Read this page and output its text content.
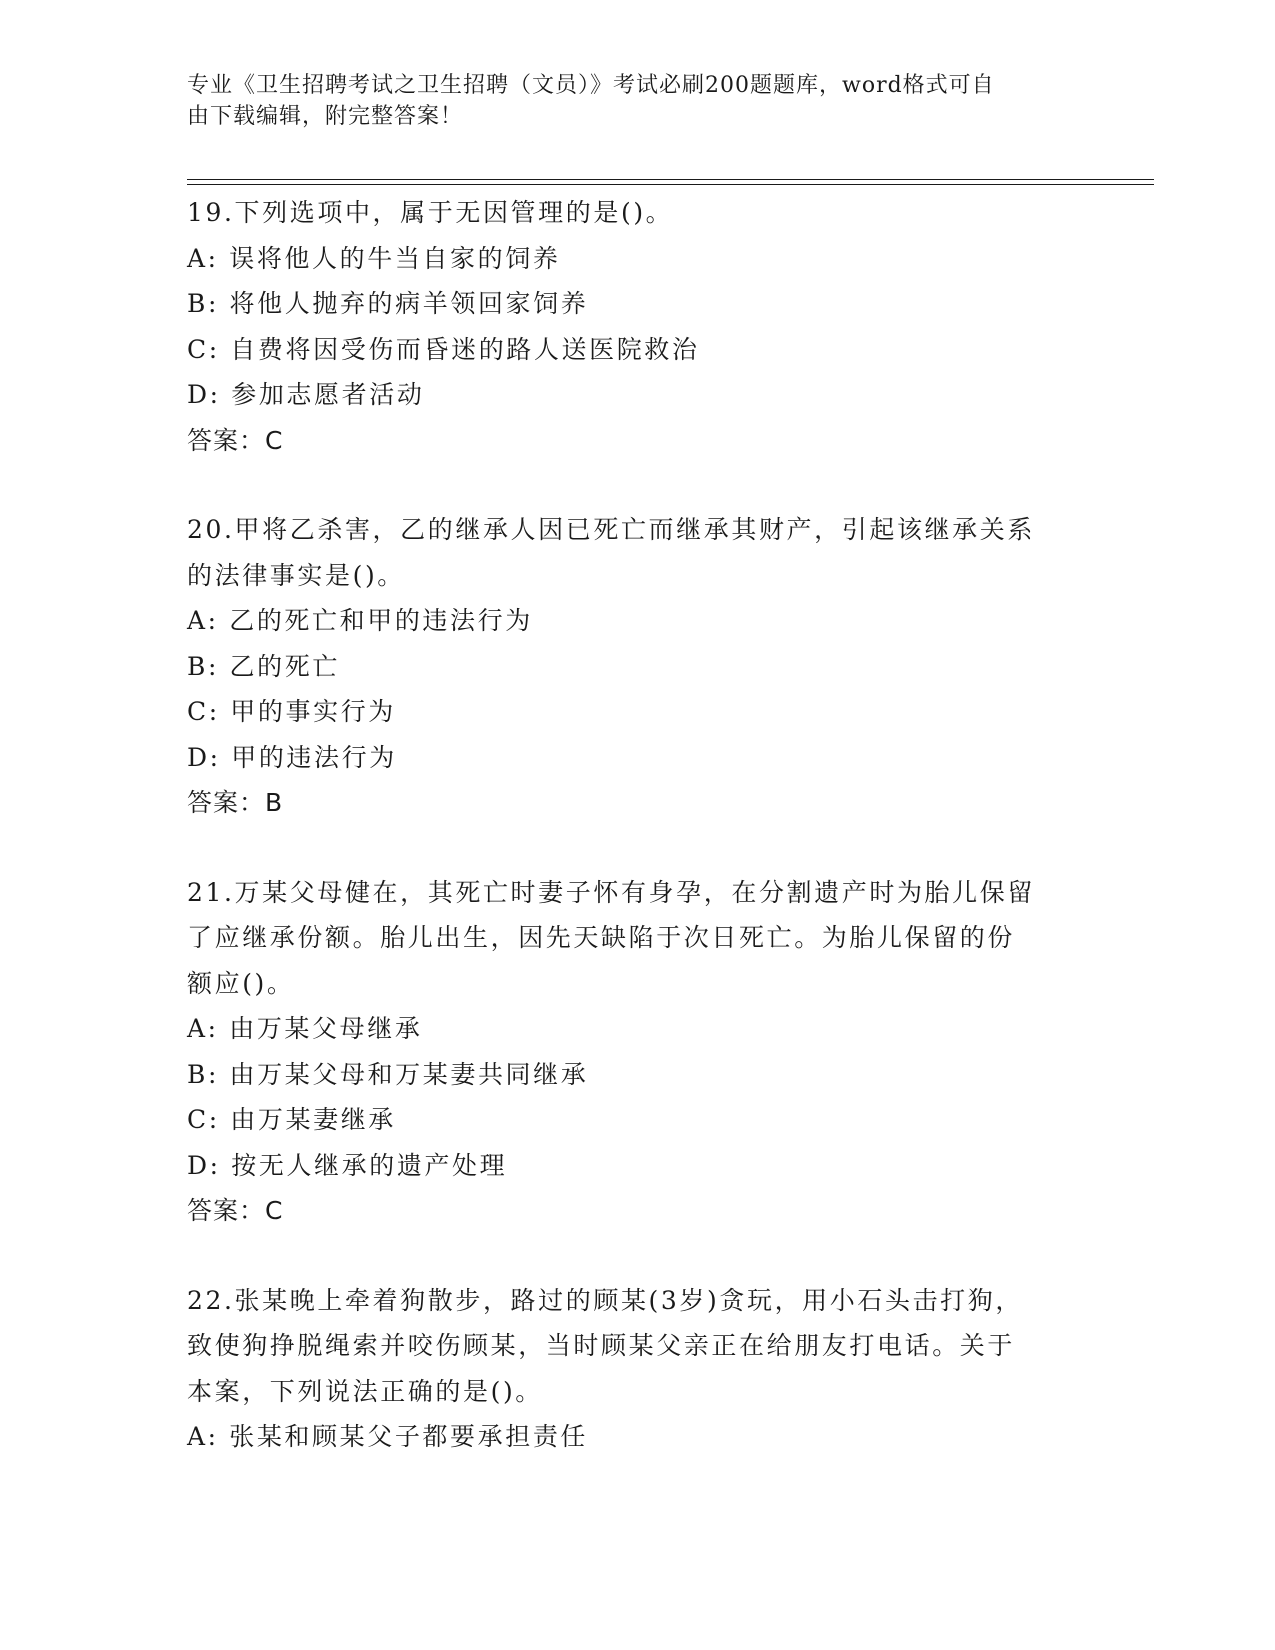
专业《卫生招聘考试之卫生招聘（文员）》考试必刷200题题库，word格式可自
由下载编辑，附完整答案！
19.下列选项中，属于无因管理的是()。
A: 误将他人的牛当自家的饲养
B: 将他人抛弃的病羊领回家饲养
C: 自费将因受伤而昏迷的路人送医院救治
D: 参加志愿者活动
答案：C
20.甲将乙杀害，乙的继承人因已死亡而继承其财产，引起该继承关系
的法律事实是()。
A: 乙的死亡和甲的违法行为
B: 乙的死亡
C: 甲的事实行为
D: 甲的违法行为
答案：B
21.万某父母健在，其死亡时妻子怀有身孕，在分割遗产时为胎儿保留
了应继承份额。胎儿出生，因先天缺陷于次日死亡。为胎儿保留的份
额应()。
A: 由万某父母继承
B: 由万某父母和万某妻共同继承
C: 由万某妻继承
D: 按无人继承的遗产处理
答案：C
22.张某晚上牵着狗散步，路过的顾某(3岁)贪玩，用小石头击打狗，
致使狗挣脱绳索并咬伤顾某，当时顾某父亲正在给朋友打电话。关于
本案，下列说法正确的是()。
A: 张某和顾某父子都要承担责任
